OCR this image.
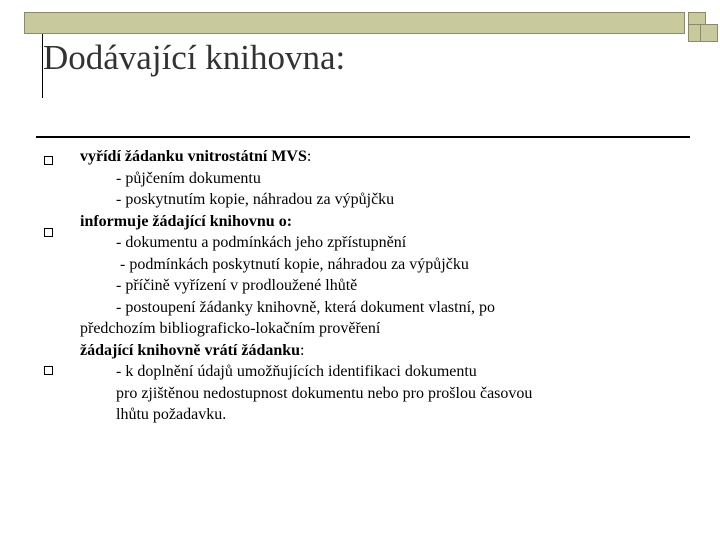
Dodávající knihovna:
vyřídí žádanku vnitrostátní MVS:
- půjčením dokumentu
- poskytnutím kopie, náhradou za výpůjčku
informuje žádající knihovnu o:
- dokumentu a podmínkách jeho zpřístupnění
- podmínkách poskytnutí kopie, náhradou za výpůjčku
- příčině vyřízení v prodloužené lhůtě
- postoupení žádanky knihovně, která dokument vlastní, po
předchozím bibliograficko-lokačním prověření
žádající knihovně vrátí žádanku:
- k doplnění údajů umožňujících identifikaci dokumentu
pro zjištěnou nedostupnost dokumentu nebo pro prošlou časovou
lhůtu požadavku.
